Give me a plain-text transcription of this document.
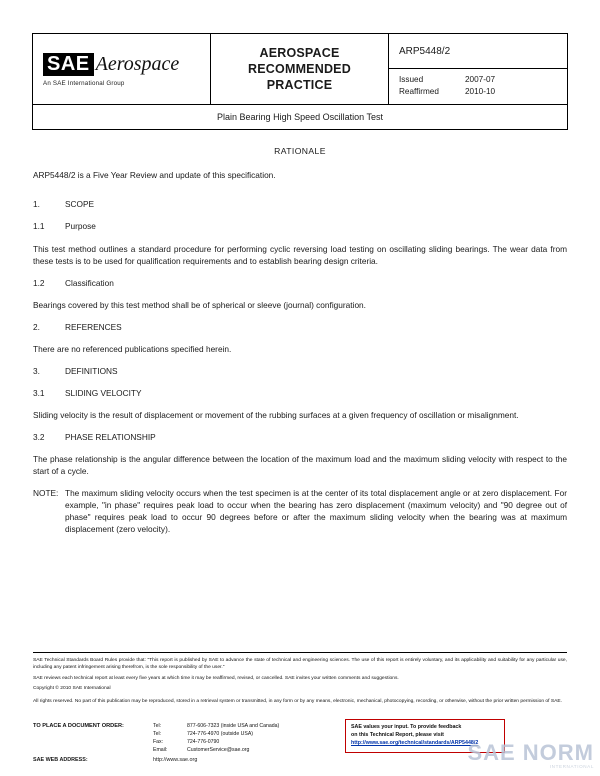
SAE Aerospace
An SAE International Group
AEROSPACE
RECOMMENDED
PRACTICE
ARP5448/2
Issued	2007-07
Reaffirmed	2010-10
Plain Bearing High Speed Oscillation Test
RATIONALE

ARP5448/2 is a Five Year Review and update of this specification.

1.	SCOPE
1.1	Purpose

This test method outlines a standard procedure for performing cyclic reversing load testing on oscillating sliding bearings. The wear data from these tests is to be used for qualification requirements and to establish bearing design criteria.

1.2	Classification

Bearings covered by this test method shall be of spherical or sleeve (journal) configuration.

2.	REFERENCES

There are no referenced publications specified herein.

3.	DEFINITIONS
3.1	SLIDING VELOCITY

Sliding velocity is the result of displacement or movement of the rubbing surfaces at a given frequency of oscillation or misalignment.

3.2	PHASE RELATIONSHIP

The phase relationship is the angular difference between the location of the maximum load and the maximum sliding velocity with respect to the start of a cycle.

NOTE: The maximum sliding velocity occurs when the test specimen is at the center of its total displacement angle or at zero displacement. For example, "in phase" requires peak load to occur when the bearing has zero displacement (maximum velocity) and "90 degree out of phase" requires peak load to occur 90 degrees before or after the maximum sliding velocity when the bearing was at maximum displacement (zero velocity).

SAE Technical Standards Board Rules provide that: "This report is published by SAE to advance the state of technical and engineering sciences. The use of this report is entirely voluntary, and its applicability and suitability for any particular use, including any patent infringement arising therefrom, is the sole responsibility of the user."

SAE reviews each technical report at least every five years at which time it may be reaffirmed, revised, or cancelled. SAE invites your written comments and suggestions.

Copyright © 2010 SAE International

All rights reserved. No part of this publication may be reproduced, stored in a retrieval system or transmitted, in any form or by any means, electronic, mechanical, photocopying, recording, or otherwise, without the prior written permission of SAE.

TO PLACE A DOCUMENT ORDER:	Tel:	877-606-7323 (inside USA and Canada)
Tel:	724-776-4970 (outside USA)
Fax:	724-776-0790
Email:	CustomerService@sae.org
SAE values your input. To provide feedback
on this Technical Report, please visit
http://www.sae.org/technical/standards/ARP5448/2
SAE WEB ADDRESS:	http://www.sae.org	SAE NORM
INTERNATIONAL
